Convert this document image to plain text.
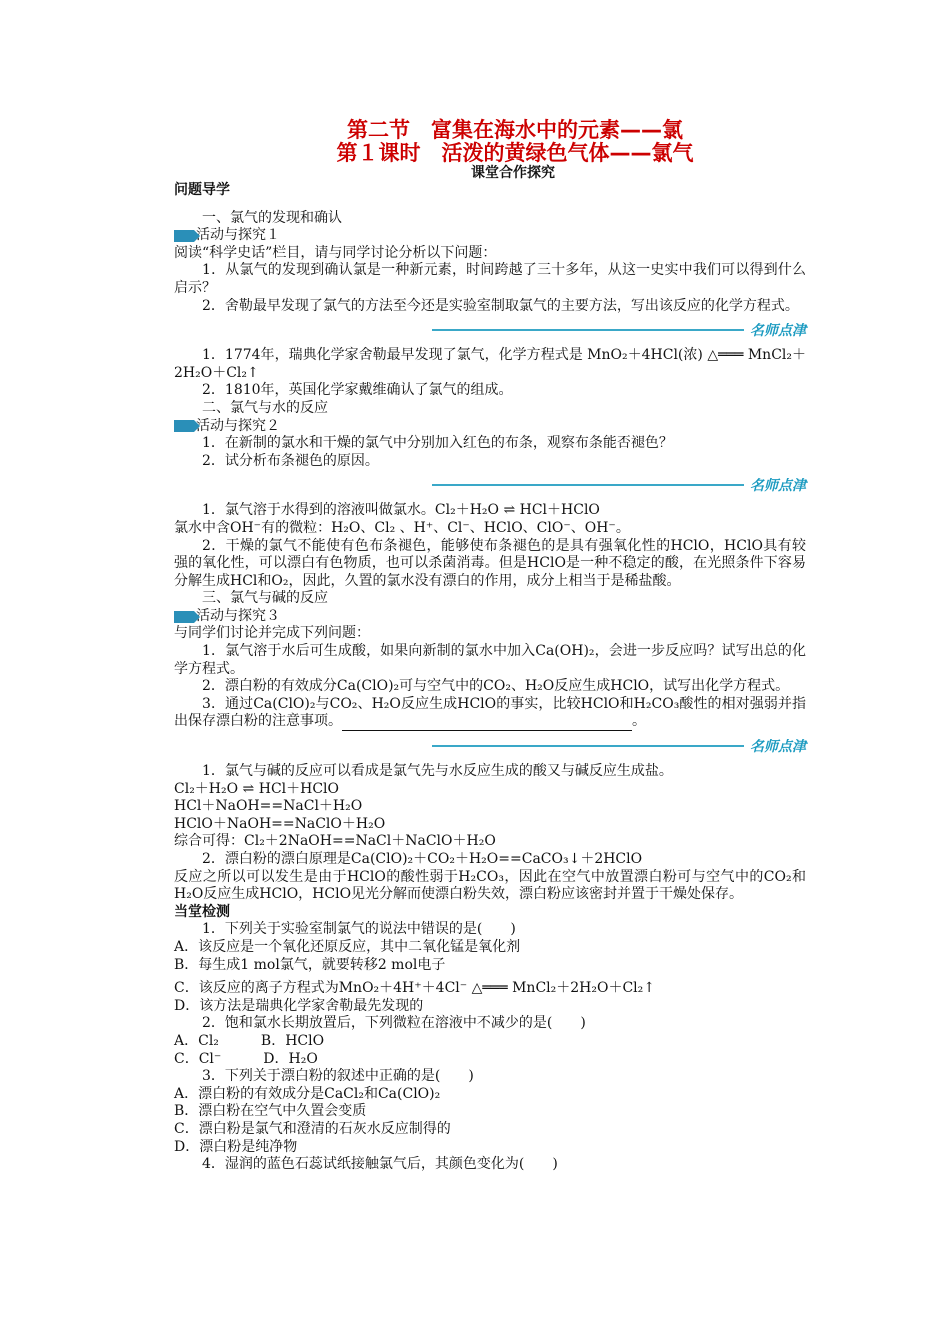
第二节　富集在海水中的元素——氯
第１课时　活泼的黄绿色气体——氯气
课堂合作探究
问题导学

一、氯气的发现和确认

活动与探究１

阅读“科学史话”栏目，请与同学讨论分析以下问题：

1．从氯气的发现到确认氯是一种新元素，时间跨越了三十多年，从这一史实中我们可以得到什么启示？

2．舍勒最早发现了氯气的方法至今还是实验室制取氯气的主要方法，写出该反应的化学方程式。

名师点津

1．1774年，瑞典化学家舍勒最早发现了氯气，化学方程式是 MnO₂＋4HCl(浓) △═══ MnCl₂＋2H₂O＋Cl₂↑

2．1810年，英国化学家戴维确认了氯气的组成。

二、氯气与水的反应

活动与探究２

1．在新制的氯水和干燥的氯气中分别加入红色的布条，观察布条能否褪色？

2．试分析布条褪色的原因。

名师点津

1．氯气溶于水得到的溶液叫做氯水。Cl₂＋H₂O ⇌ HCl＋HClO

氯水中含OH⁻有的微粒：H₂O、Cl₂ 、H⁺、Cl⁻、HClO、ClO⁻、OH⁻。

2．干燥的氯气不能使有色布条褪色，能够使布条褪色的是具有强氧化性的HClO，HClO具有较强的氧化性，可以漂白有色物质，也可以杀菌消毒。但是HClO是一种不稳定的酸，在光照条件下容易分解生成HCl和O₂，因此，久置的氯水没有漂白的作用，成分上相当于是稀盐酸。

三、氯气与碱的反应

活动与探究３

与同学们讨论并完成下列问题：

1．氯气溶于水后可生成酸，如果向新制的氯水中加入Ca(OH)₂，会进一步反应吗？试写出总的化学方程式。

2．漂白粉的有效成分Ca(ClO)₂可与空气中的CO₂、H₂O反应生成HClO，试写出化学方程式。

3．通过Ca(ClO)₂与CO₂、H₂O反应生成HClO的事实，比较HClO和H₂CO₃酸性的相对强弱并指出保存漂白粉的注意事项。	。

名师点津

1．氯气与碱的反应可以看成是氯气先与水反应生成的酸又与碱反应生成盐。

Cl₂＋H₂O ⇌ HCl＋HClO

HCl＋NaOH==NaCl＋H₂O

HClO＋NaOH==NaClO＋H₂O

综合可得：Cl₂＋2NaOH==NaCl＋NaClO＋H₂O

2．漂白粉的漂白原理是Ca(ClO)₂＋CO₂＋H₂O==CaCO₃↓＋2HClO

反应之所以可以发生是由于HClO的酸性弱于H₂CO₃，因此在空气中放置漂白粉可与空气中的CO₂和H₂O反应生成HClO，HClO见光分解而使漂白粉失效，漂白粉应该密封并置于干燥处保存。

当堂检测

1．下列关于实验室制氯气的说法中错误的是(　　)

A．该反应是一个氧化还原反应，其中二氧化锰是氧化剂

B．每生成1 mol氯气，就要转移2 mol电子

C．该反应的离子方程式为MnO₂＋4H⁺＋4Cl⁻ △═══ MnCl₂＋2H₂O＋Cl₂↑

D．该方法是瑞典化学家舍勒最先发现的

2．饱和氯水长期放置后，下列微粒在溶液中不减少的是(　　)

A．Cl₂　　　B．HClO

C．Cl⁻　　　D．H₂O

3．下列关于漂白粉的叙述中正确的是(　　)

A．漂白粉的有效成分是CaCl₂和Ca(ClO)₂

B．漂白粉在空气中久置会变质

C．漂白粉是氯气和澄清的石灰水反应制得的

D．漂白粉是纯净物

4．湿润的蓝色石蕊试纸接触氯气后，其颜色变化为(　　)
